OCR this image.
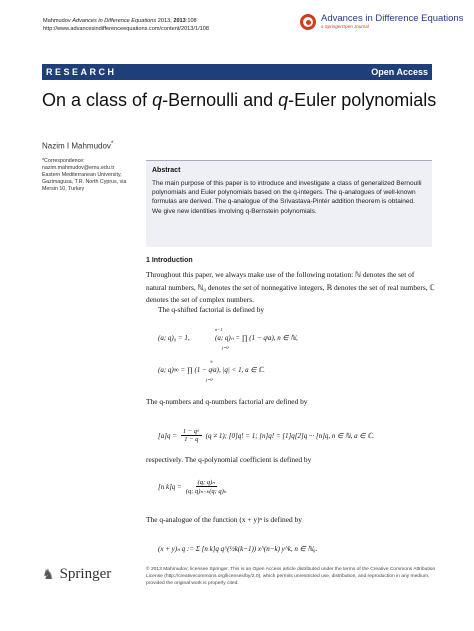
Mahmudov Advances in Difference Equations 2013, 2013:108
http://www.advancesindifferenceequations.com/content/2013/1/108
Advances in Difference Equations
a SpringerOpen Journal
RESEARCH	Open Access
On a class of q-Bernoulli and q-Euler polynomials
Nazim I Mahmudov*
*Correspondence:
nazim.mahmudov@emu.edu.tr
Eastern Mediterranean University,
Gazimagusa, T.R. North Cyprus, via
Mersin 10, Turkey
Abstract
The main purpose of this paper is to introduce and investigate a class of generalized Bernoulli polynomials and Euler polynomials based on the q-integers. The q-analogues of well-known formulas are derived. The q-analogue of the Srivastava-Pintér addition theorem is obtained. We give new identities involving q-Bernstein polynomials.
1 Introduction
Throughout this paper, we always make use of the following notation: ℕ denotes the set of natural numbers, ℕ₀ denotes the set of nonnegative integers, ℝ denotes the set of real numbers, ℂ denotes the set of complex numbers.
The q-shifted factorial is defined by
(a; q)₀ = 1,
n−1
(a; q)ₙ = ∏ (1 − qʲa), n ∈ ℕ,
j=0
∞
(a; q)∞ = ∏ (1 − qʲa), |q| < 1, a ∈ ℂ.
j=0
The q-numbers and q-numbers factorial are defined by
$[a]q = \frac{\text{1 − qᵃ}}{1 - q} (q \ne 1)$; [0]q! = 1; [n]q! = [1]q[2]q ··· [n]q, n ∈ ℕ, a ∈ ℂ.
respectively. The q-polynomial coefficient is defined by
[n $k]q = \frac{\text{(q; q)ₙ}}{\text{(q; q)ₙ₋ₖ(q; q)ₖ}}$
The q-analogue of the function (x + y)ⁿ is defined by
(x + y)ₙ q := Σ [n k]q q^(½k(k−1)) x^(n−k) y^k, n ∈ ℕ₀.
♞ Springer	© 2013 Mahmudov; licensee Springer. This is an Open Access article distributed under the terms of the Creative Commons Attribution License (http://creativecommons.org/licenses/by/2.0), which permits unrestricted use, distribution, and reproduction in any medium, provided the original work is properly cited.
